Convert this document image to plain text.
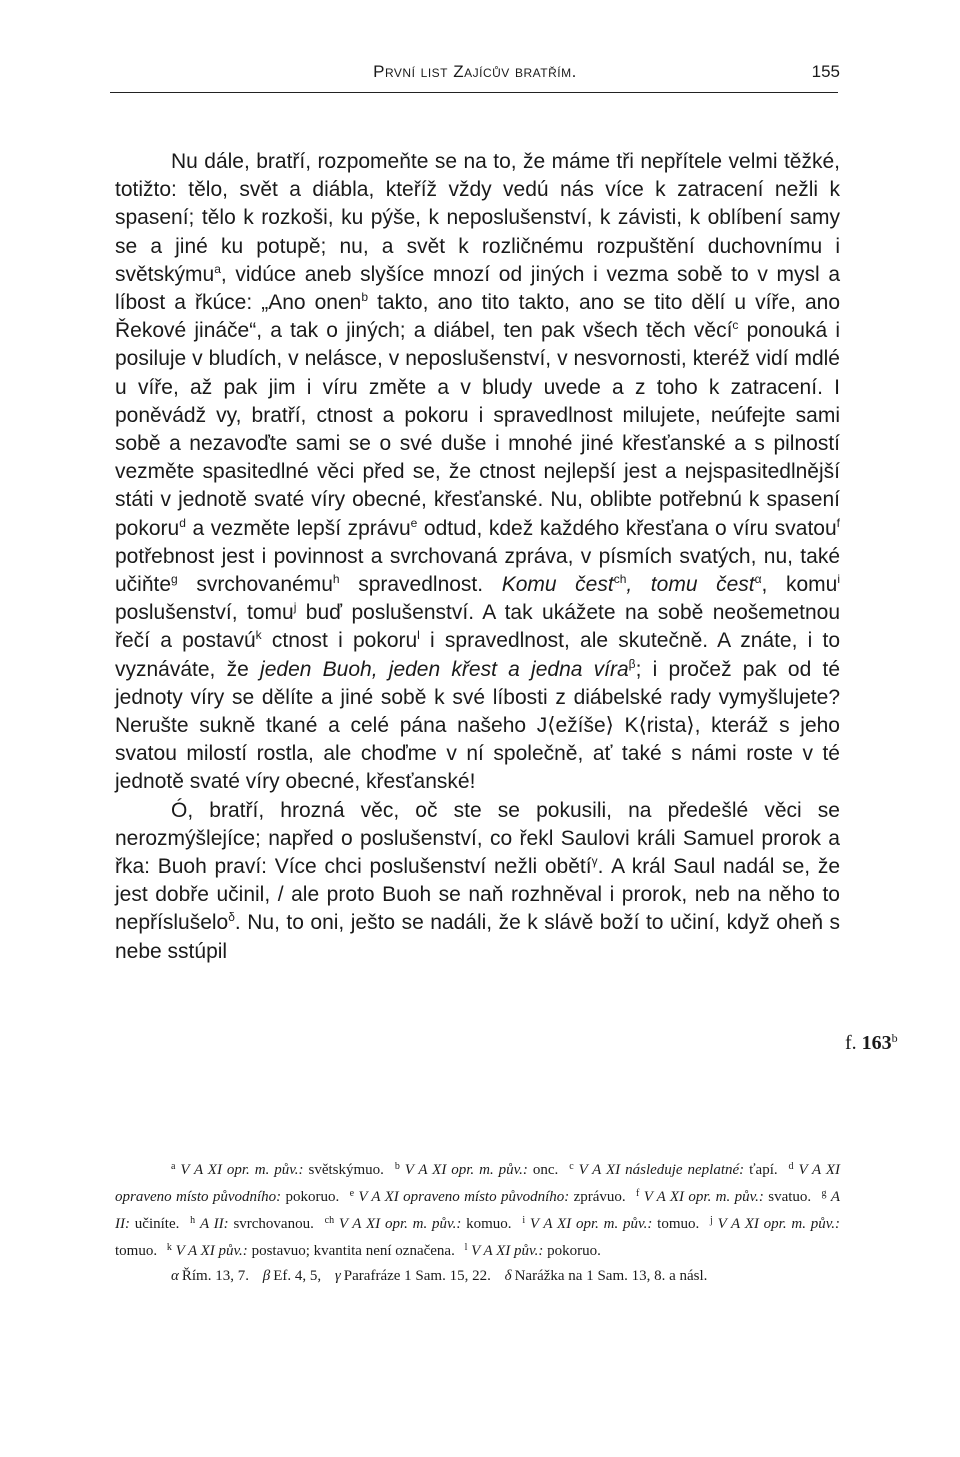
První list Zajícův bratřím.	155

Nu dále, bratří, rozpomeňte se na to, že máme tři nepřítele velmi těžké, totižto: tělo, svět a diábla, kteříž vždy vedú nás více k zatracení nežli k spasení; tělo k rozkoši, ku pýše, k neposlušenství, k závisti, k oblíbení samy se a jiné ku potupě; nu, a svět k rozličnému rozpuštění duchovnímu i světskýmu$^a$, vidúce aneb slyšíce mnozí od jiných i vezma sobě to v mysl a líbost a řkúce: „Ano onen$^b$ takto, ano tito takto, ano se tito dělí u víře, ano Řekové jináče“, a tak o jiných; a diábel, ten pak všech těch věcí$^c$ ponouká i posiluje v bludích, v nelásce, v neposlušenství, v nesvornosti, kteréž vidí mdlé u víře, až pak jim i víru změte a v bludy uvede a z toho k zatracení. I poněvádž vy, bratří, ctnost a pokoru i spravedlnost milujete, neúfejte sami sobě a nezavoďte sami se o své duše i mnohé jiné křesťanské a s pilností vezměte spasitedlné věci před se, že ctnost nejlepší jest a nejspasitedlnější státi v jednotě svaté víry obecné, křesťanské. Nu, oblibte potřebnú k spasení pokoru$^d$ a vezměte lepší zprávu$^e$ odtud, kdež každého křesťana o víru svatou$^f$ potřebnost jest i povinnost a svrchovaná zpráva, v písmích svatých, nu, také učiňte$^g$ svrchovanému$^h$ spravedlnost. Komu čest$^{ch}$, tomu čest$^\alpha$, komu$^i$ poslušenství, tomu$^j$ buď poslušenství. A tak ukážete na sobě neošemetnou řečí a postavú$^k$ ctnost i pokoru$^l$ i spravedlnost, ale skutečně. A znáte, i to vyznáváte, že jeden Buoh, jeden křest a jedna víra$^\beta$; i pročež pak od té jednoty víry se dělíte a jiné sobě k své líbosti z diábelské rady vymyšlujete? Nerušte sukně tkané a celé pána našeho J⟨ežíše⟩ K⟨rista⟩, kteráž s jeho svatou milostí rostla, ale choďme v ní společně, ať také s námi roste v té jednotě svaté víry obecné, křesťanské!

Ó, bratří, hrozná věc, oč ste se pokusili, na předešlé věci se nerozmýšlejíce; napřed o poslušenství, co řekl Saulovi králi Samuel prorok a řka: Buoh praví: Více chci poslušenství nežli obětí$^\gamma$. A král Saul nadál se, že jest dobře učinil, / ale proto Buoh se naň rozhněval i prorok, neb na něho to nepříslušelo$^\delta$. Nu, to oni, ješto se nadáli, že k slávě boží to učiní, když oheň s nebe sstúpil

f. 163$^b$

$^a$ V A XI opr. m. pův.: světskýmuo. $^b$ V A XI opr. m. pův.: onc. $^c$ V A XI následuje neplatné: ťapí. $^d$ V A XI opraveno místo původního: pokoruo. $^e$ V A XI opraveno místo původního: zprávuo. $^f$ V A XI opr. m. pův.: svatuo. $^g$ A II: učiníte. $^h$ A II: svrchovanou. $^{ch}$ V A XI opr. m. pův.: komuo. $^i$ V A XI opr. m. pův.: tomuo. $^j$ V A XI opr. m. pův.: tomuo. $^k$ V A XI pův.: postavuo; kvantita není označena. $^l$ V A XI pův.: pokoruo.

α Řím. 13, 7. β Ef. 4, 5, γ Parafráze 1 Sam. 15, 22. δ Narážka na 1 Sam. 13, 8. a násl.
